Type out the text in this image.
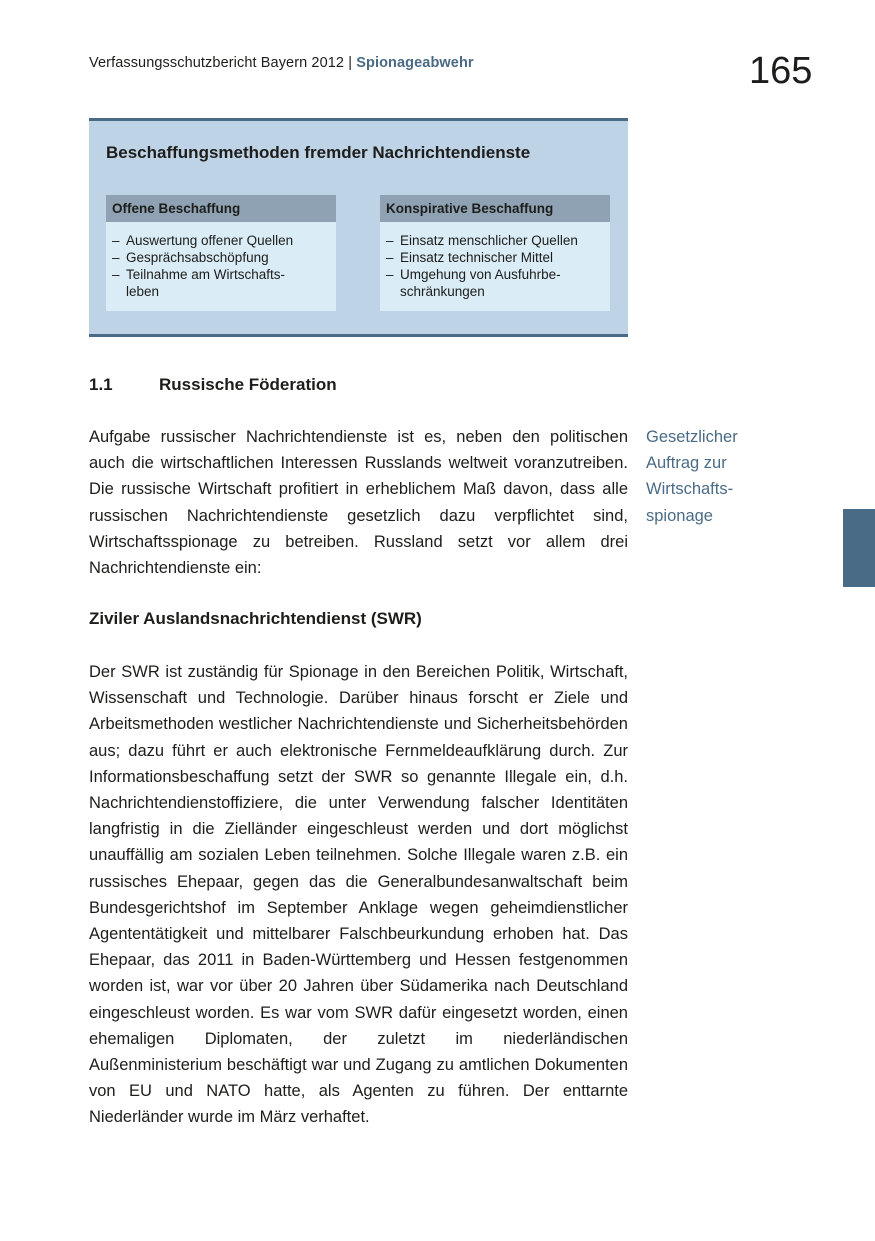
Verfassungsschutzbericht Bayern 2012 | Spionageabwehr	165
Beschaffungsmethoden fremder Nachrichtendienste
Offene Beschaffung
– Auswertung offener Quellen
– Gesprächsabschöpfung
– Teilnahme am Wirtschafts-
leben
Konspirative Beschaffung
– Einsatz menschlicher Quellen
– Einsatz technischer Mittel
– Umgehung von Ausfuhrbe-
schränkungen
1.1	Russische Föderation

Aufgabe russischer Nachrichtendienste ist es, neben den politischen auch die wirtschaftlichen Interessen Russlands weltweit voranzutreiben. Die russische Wirtschaft profitiert in erheblichem Maß davon, dass alle russischen Nachrichtendienste gesetzlich dazu verpflichtet sind, Wirtschaftsspionage zu betreiben. Russland setzt vor allem drei Nachrichtendienste ein:

Gesetzlicher
Auftrag zur
Wirtschafts-
spionage
Ziviler Auslandsnachrichtendienst (SWR)

Der SWR ist zuständig für Spionage in den Bereichen Politik, Wirtschaft, Wissenschaft und Technologie. Darüber hinaus forscht er Ziele und Arbeitsmethoden westlicher Nachrichtendienste und Sicherheitsbehörden aus; dazu führt er auch elektronische Fernmeldeaufklärung durch. Zur Informationsbeschaffung setzt der SWR so genannte Illegale ein, d.h. Nachrichtendienstoffiziere, die unter Verwendung falscher Identitäten langfristig in die Zielländer eingeschleust werden und dort möglichst unauffällig am sozialen Leben teilnehmen. Solche Illegale waren z.B. ein russisches Ehepaar, gegen das die Generalbundesanwaltschaft beim Bundesgerichtshof im September Anklage wegen geheimdienstlicher Agententätigkeit und mittelbarer Falschbeurkundung erhoben hat. Das Ehepaar, das 2011 in Baden-Württemberg und Hessen festgenommen worden ist, war vor über 20 Jahren über Südamerika nach Deutschland eingeschleust worden. Es war vom SWR dafür eingesetzt worden, einen ehemaligen Diplomaten, der zuletzt im niederländischen Außenministerium beschäftigt war und Zugang zu amtlichen Dokumenten von EU und NATO hatte, als Agenten zu führen. Der enttarnte Niederländer wurde im März verhaftet.
